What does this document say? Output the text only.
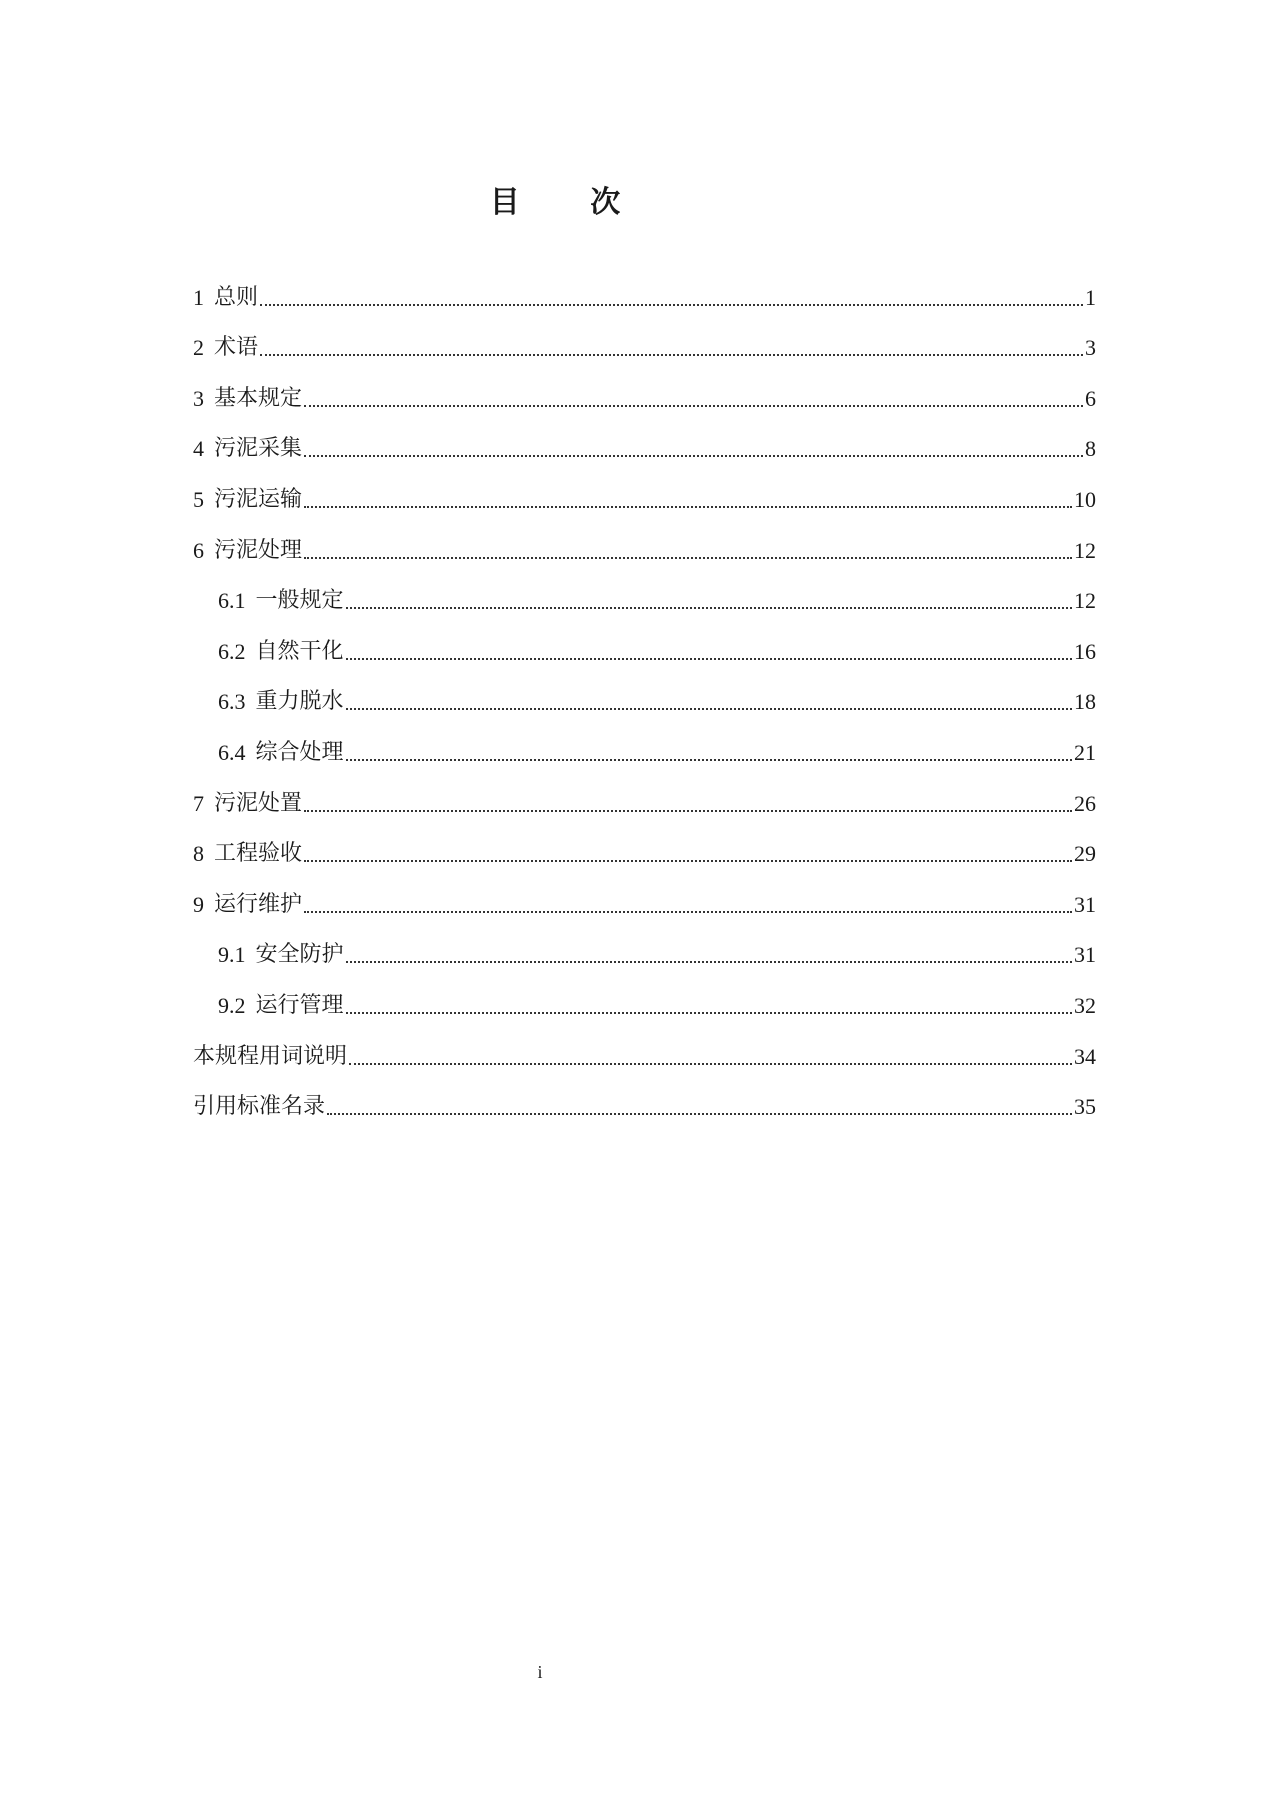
目 次
1 总则	1
2 术语	3
3 基本规定	6
4 污泥采集	8
5 污泥运输	10
6 污泥处理	12
6.1 一般规定	12
6.2 自然干化	16
6.3 重力脱水	18
6.4 综合处理	21
7 污泥处置	26
8 工程验收	29
9 运行维护	31
9.1 安全防护	31
9.2 运行管理	32
本规程用词说明	34
引用标准名录	35
i
